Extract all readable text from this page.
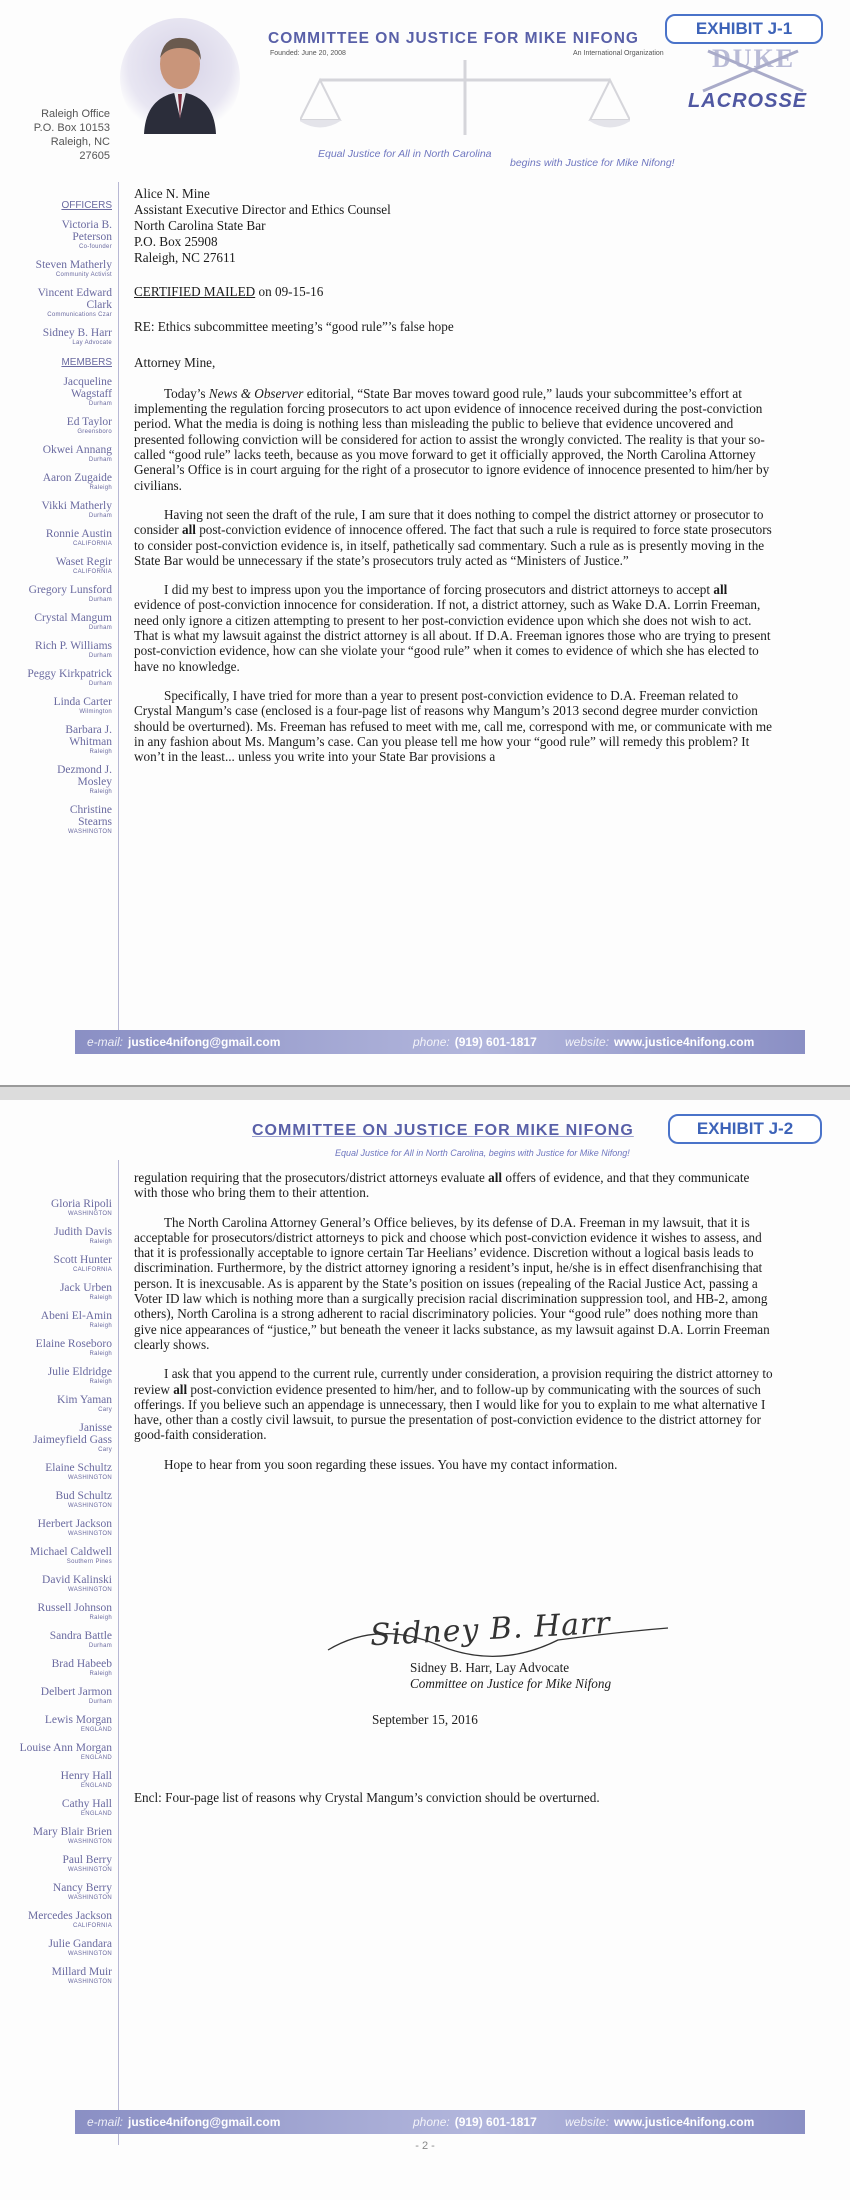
COMMITTEE ON JUSTICE FOR MIKE NIFONG
Founded: June 20, 2008	An International Organization
EXHIBIT J-1
DUKE
LACROSSE
Equal Justice for All in North Carolina
begins with Justice for Mike Nifong!
Raleigh Office
P.O. Box 10153
Raleigh, NC
27605
OFFICERS
Victoria B.
Peterson
Co-founder
Steven Matherly
Community Activist
Vincent Edward
Clark
Communications Czar
Sidney B. Harr
Lay Advocate
MEMBERS
Jacqueline
Wagstaff
Durham
Ed Taylor
Greensboro
Okwei Annang
Durham
Aaron Zugaide
Raleigh
Vikki Matherly
Durham
Ronnie Austin
CALIFORNIA
Waset Regir
CALIFORNIA
Gregory Lunsford
Durham
Crystal Mangum
Durham
Rich P. Williams
Durham
Peggy Kirkpatrick
Durham
Linda Carter
Wilmington
Barbara J.
Whitman
Raleigh
Dezmond J.
Mosley
Raleigh
Christine
Stearns
WASHINGTON
Alice N. Mine
Assistant Executive Director and Ethics Counsel
North Carolina State Bar
P.O. Box 25908
Raleigh, NC 27611

CERTIFIED MAILED on 09-15-16

RE: Ethics subcommittee meeting’s “good rule”’s false hope

Attorney Mine,

Today’s News & Observer editorial, “State Bar moves toward good rule,” lauds your subcommittee’s effort at implementing the regulation forcing prosecutors to act upon evidence of innocence received during the post-conviction period. What the media is doing is nothing less than misleading the public to believe that evidence uncovered and presented following conviction will be considered for action to assist the wrongly convicted. The reality is that your so-called “good rule” lacks teeth, because as you move forward to get it officially approved, the North Carolina Attorney General’s Office is in court arguing for the right of a prosecutor to ignore evidence of innocence presented to him/her by civilians.

Having not seen the draft of the rule, I am sure that it does nothing to compel the district attorney or prosecutor to consider all post-conviction evidence of innocence offered. The fact that such a rule is required to force state prosecutors to consider post-conviction evidence is, in itself, pathetically sad commentary. Such a rule as is presently moving in the State Bar would be unnecessary if the state’s prosecutors truly acted as “Ministers of Justice.”

I did my best to impress upon you the importance of forcing prosecutors and district attorneys to accept all evidence of post-conviction innocence for consideration. If not, a district attorney, such as Wake D.A. Lorrin Freeman, need only ignore a citizen attempting to present to her post-conviction evidence upon which she does not wish to act. That is what my lawsuit against the district attorney is all about. If D.A. Freeman ignores those who are trying to present post-conviction evidence, how can she violate your “good rule” when it comes to evidence of which she has elected to have no knowledge.

Specifically, I have tried for more than a year to present post-conviction evidence to D.A. Freeman related to Crystal Mangum’s case (enclosed is a four-page list of reasons why Mangum’s 2013 second degree murder conviction should be overturned). Ms. Freeman has refused to meet with me, call me, correspond with me, or communicate with me in any fashion about Ms. Mangum’s case. Can you please tell me how your “good rule” will remedy this problem? It won’t in the least... unless you write into your State Bar provisions a

e-mail: justice4nifong@gmail.com	phone: (919) 601-1817 website: www.justice4nifong.com
COMMITTEE ON JUSTICE FOR MIKE NIFONG	EXHIBIT J-2
Equal Justice for All in North Carolina, begins with Justice for Mike Nifong!
Gloria Ripoli
WASHINGTON
Judith Davis
Raleigh
Scott Hunter
CALIFORNIA
Jack Urben
Raleigh
Abeni El-Amin
Raleigh
Elaine Roseboro
Raleigh
Julie Eldridge
Raleigh
Kim Yaman
Cary
Janisse
Jaimeyfield Gass
Cary
Elaine Schultz
WASHINGTON
Bud Schultz
WASHINGTON
Herbert Jackson
WASHINGTON
Michael Caldwell
Southern Pines
David Kalinski
WASHINGTON
Russell Johnson
Raleigh
Sandra Battle
Durham
Brad Habeeb
Raleigh
Delbert Jarmon
Durham
Lewis Morgan
ENGLAND
Louise Ann Morgan
ENGLAND
Henry Hall
ENGLAND
Cathy Hall
ENGLAND
Mary Blair Brien
WASHINGTON
Paul Berry
WASHINGTON
Nancy Berry
WASHINGTON
Mercedes Jackson
CALIFORNIA
Julie Gandara
WASHINGTON
Millard Muir
WASHINGTON

regulation requiring that the prosecutors/district attorneys evaluate all offers of evidence, and that they communicate with those who bring them to their attention.

The North Carolina Attorney General’s Office believes, by its defense of D.A. Freeman in my lawsuit, that it is acceptable for prosecutors/district attorneys to pick and choose which post-conviction evidence it wishes to assess, and that it is professionally acceptable to ignore certain Tar Heelians’ evidence. Discretion without a logical basis leads to discrimination. Furthermore, by the district attorney ignoring a resident’s input, he/she is in effect disenfranchising that person. It is inexcusable. As is apparent by the State’s position on issues (repealing of the Racial Justice Act, passing a Voter ID law which is nothing more than a surgically precision racial discrimination suppression tool, and HB-2, among others), North Carolina is a strong adherent to racial discriminatory policies. Your “good rule” does nothing more than give nice appearances of “justice,” but beneath the veneer it lacks substance, as my lawsuit against D.A. Lorrin Freeman clearly shows.

I ask that you append to the current rule, currently under consideration, a provision requiring the district attorney to review all post-conviction evidence presented to him/her, and to follow-up by communicating with the sources of such offerings. If you believe such an appendage is unnecessary, then I would like for you to explain to me what alternative I have, other than a costly civil lawsuit, to pursue the presentation of post-conviction evidence to the district attorney for good-faith consideration.

Hope to hear from you soon regarding these issues. You have my contact information.

Sidney B. Harr
Sidney B. Harr, Lay Advocate
Committee on Justice for Mike Nifong
September 15, 2016
Encl: Four-page list of reasons why Crystal Mangum’s conviction should be overturned.
e-mail: justice4nifong@gmail.com	phone: (919) 601-1817 website: www.justice4nifong.com
- 2 -
